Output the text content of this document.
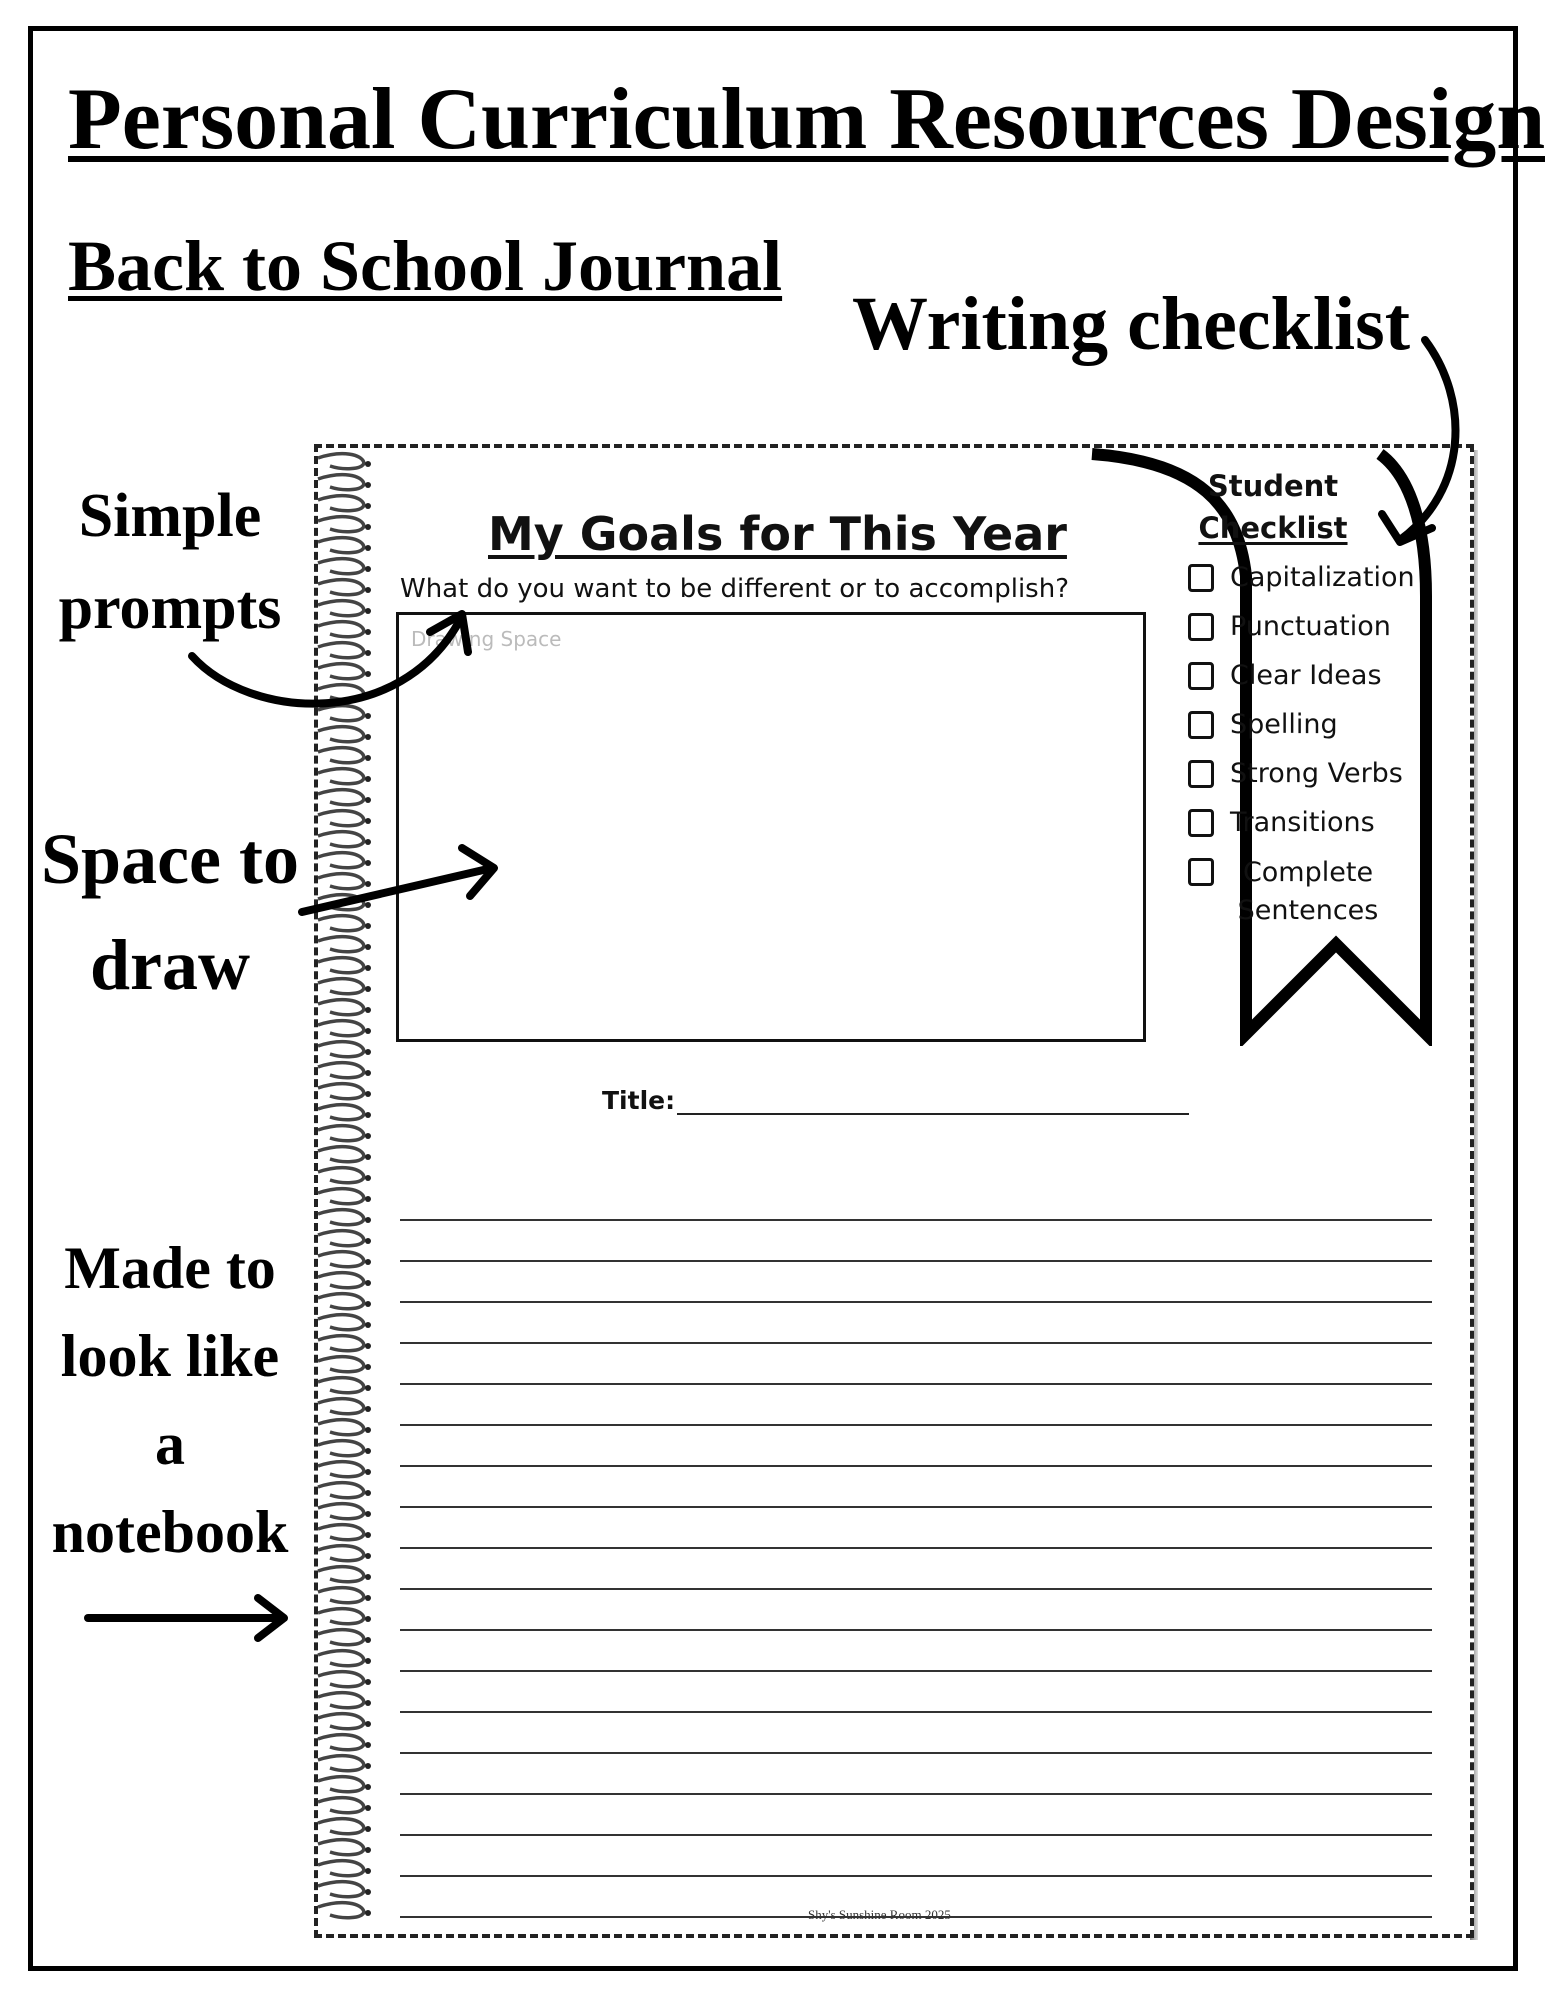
Personal Curriculum Resources Design
Back to School Journal
Writing checklist
Simple prompts
Space to draw
Made to look like a notebook
My Goals for This Year
What do you want to be different or to accomplish?
Drawing Space
Title:
Shy's Sunshine Room 2025
Student
Checklist
Capitalization
Punctuation
Clear Ideas
Spelling
Strong Verbs
Transitions
Complete Sentences
